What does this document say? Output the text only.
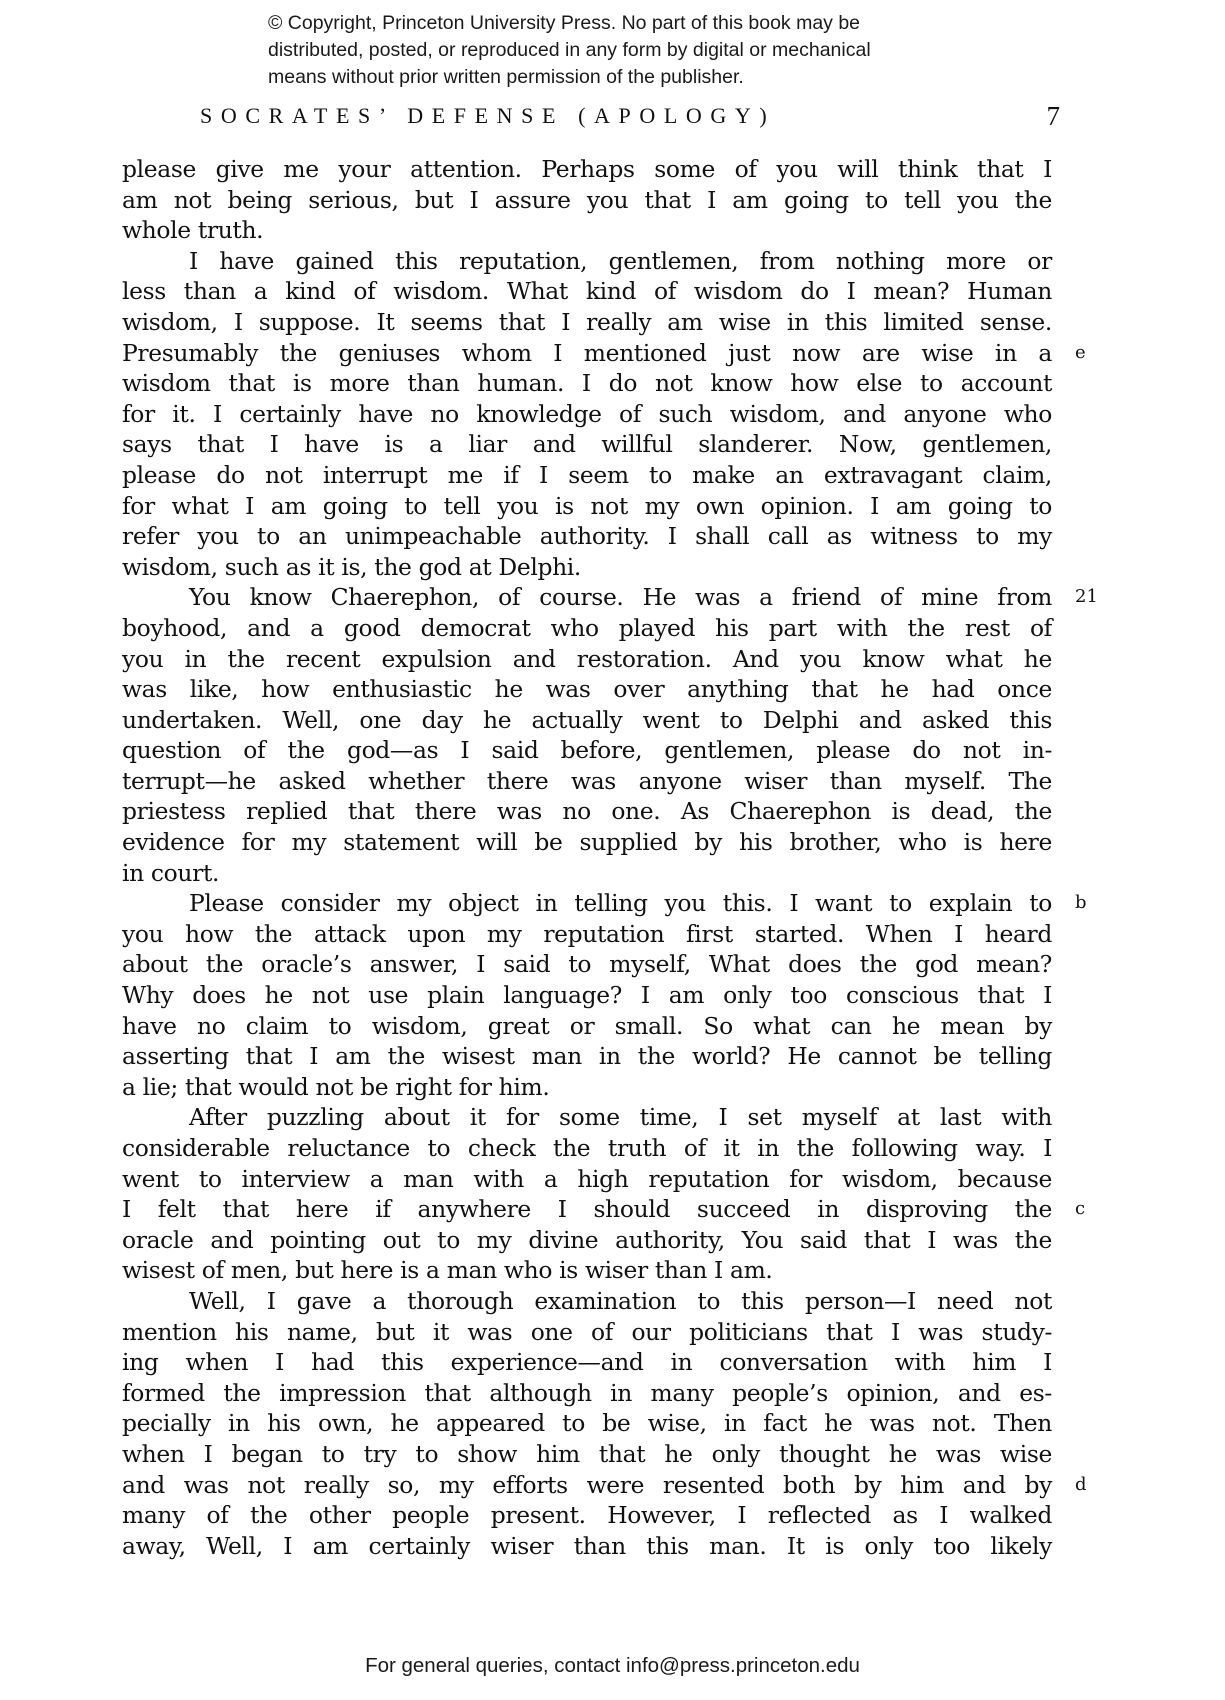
© Copyright, Princeton University Press. No part of this book may be
distributed, posted, or reproduced in any form by digital or mechanical
means without prior written permission of the publisher.
SOCRATES’ DEFENSE (APOLOGY)	7
please give me your attention. Perhaps some of you will think that I
am not being serious, but I assure you that I am going to tell you the
whole truth.
I have gained this reputation, gentlemen, from nothing more or
less than a kind of wisdom. What kind of wisdom do I mean? Human
wisdom, I suppose. It seems that I really am wise in this limited sense.
Presumably the geniuses whom I mentioned just now are wise in a e
wisdom that is more than human. I do not know how else to account
for it. I certainly have no knowledge of such wisdom, and anyone who
says that I have is a liar and willful slanderer. Now, gentlemen,
please do not interrupt me if I seem to make an extravagant claim,
for what I am going to tell you is not my own opinion. I am going to
refer you to an unimpeachable authority. I shall call as witness to my
wisdom, such as it is, the god at Delphi.
You know Chaerephon, of course. He was a friend of mine from 21
boyhood, and a good democrat who played his part with the rest of
you in the recent expulsion and restoration. And you know what he
was like, how enthusiastic he was over anything that he had once
undertaken. Well, one day he actually went to Delphi and asked this
question of the god—as I said before, gentlemen, please do not in-
terrupt—he asked whether there was anyone wiser than myself. The
priestess replied that there was no one. As Chaerephon is dead, the
evidence for my statement will be supplied by his brother, who is here
in court.
Please consider my object in telling you this. I want to explain to b
you how the attack upon my reputation first started. When I heard
about the oracle’s answer, I said to myself, What does the god mean?
Why does he not use plain language? I am only too conscious that I
have no claim to wisdom, great or small. So what can he mean by
asserting that I am the wisest man in the world? He cannot be telling
a lie; that would not be right for him.
After puzzling about it for some time, I set myself at last with
considerable reluctance to check the truth of it in the following way. I
went to interview a man with a high reputation for wisdom, because
I felt that here if anywhere I should succeed in disproving the c
oracle and pointing out to my divine authority, You said that I was the
wisest of men, but here is a man who is wiser than I am.
Well, I gave a thorough examination to this person—I need not
mention his name, but it was one of our politicians that I was study-
ing when I had this experience—and in conversation with him I
formed the impression that although in many people’s opinion, and es-
pecially in his own, he appeared to be wise, in fact he was not. Then
when I began to try to show him that he only thought he was wise
and was not really so, my efforts were resented both by him and by d
many of the other people present. However, I reflected as I walked
away, Well, I am certainly wiser than this man. It is only too likely
For general queries, contact info@press.princeton.edu
